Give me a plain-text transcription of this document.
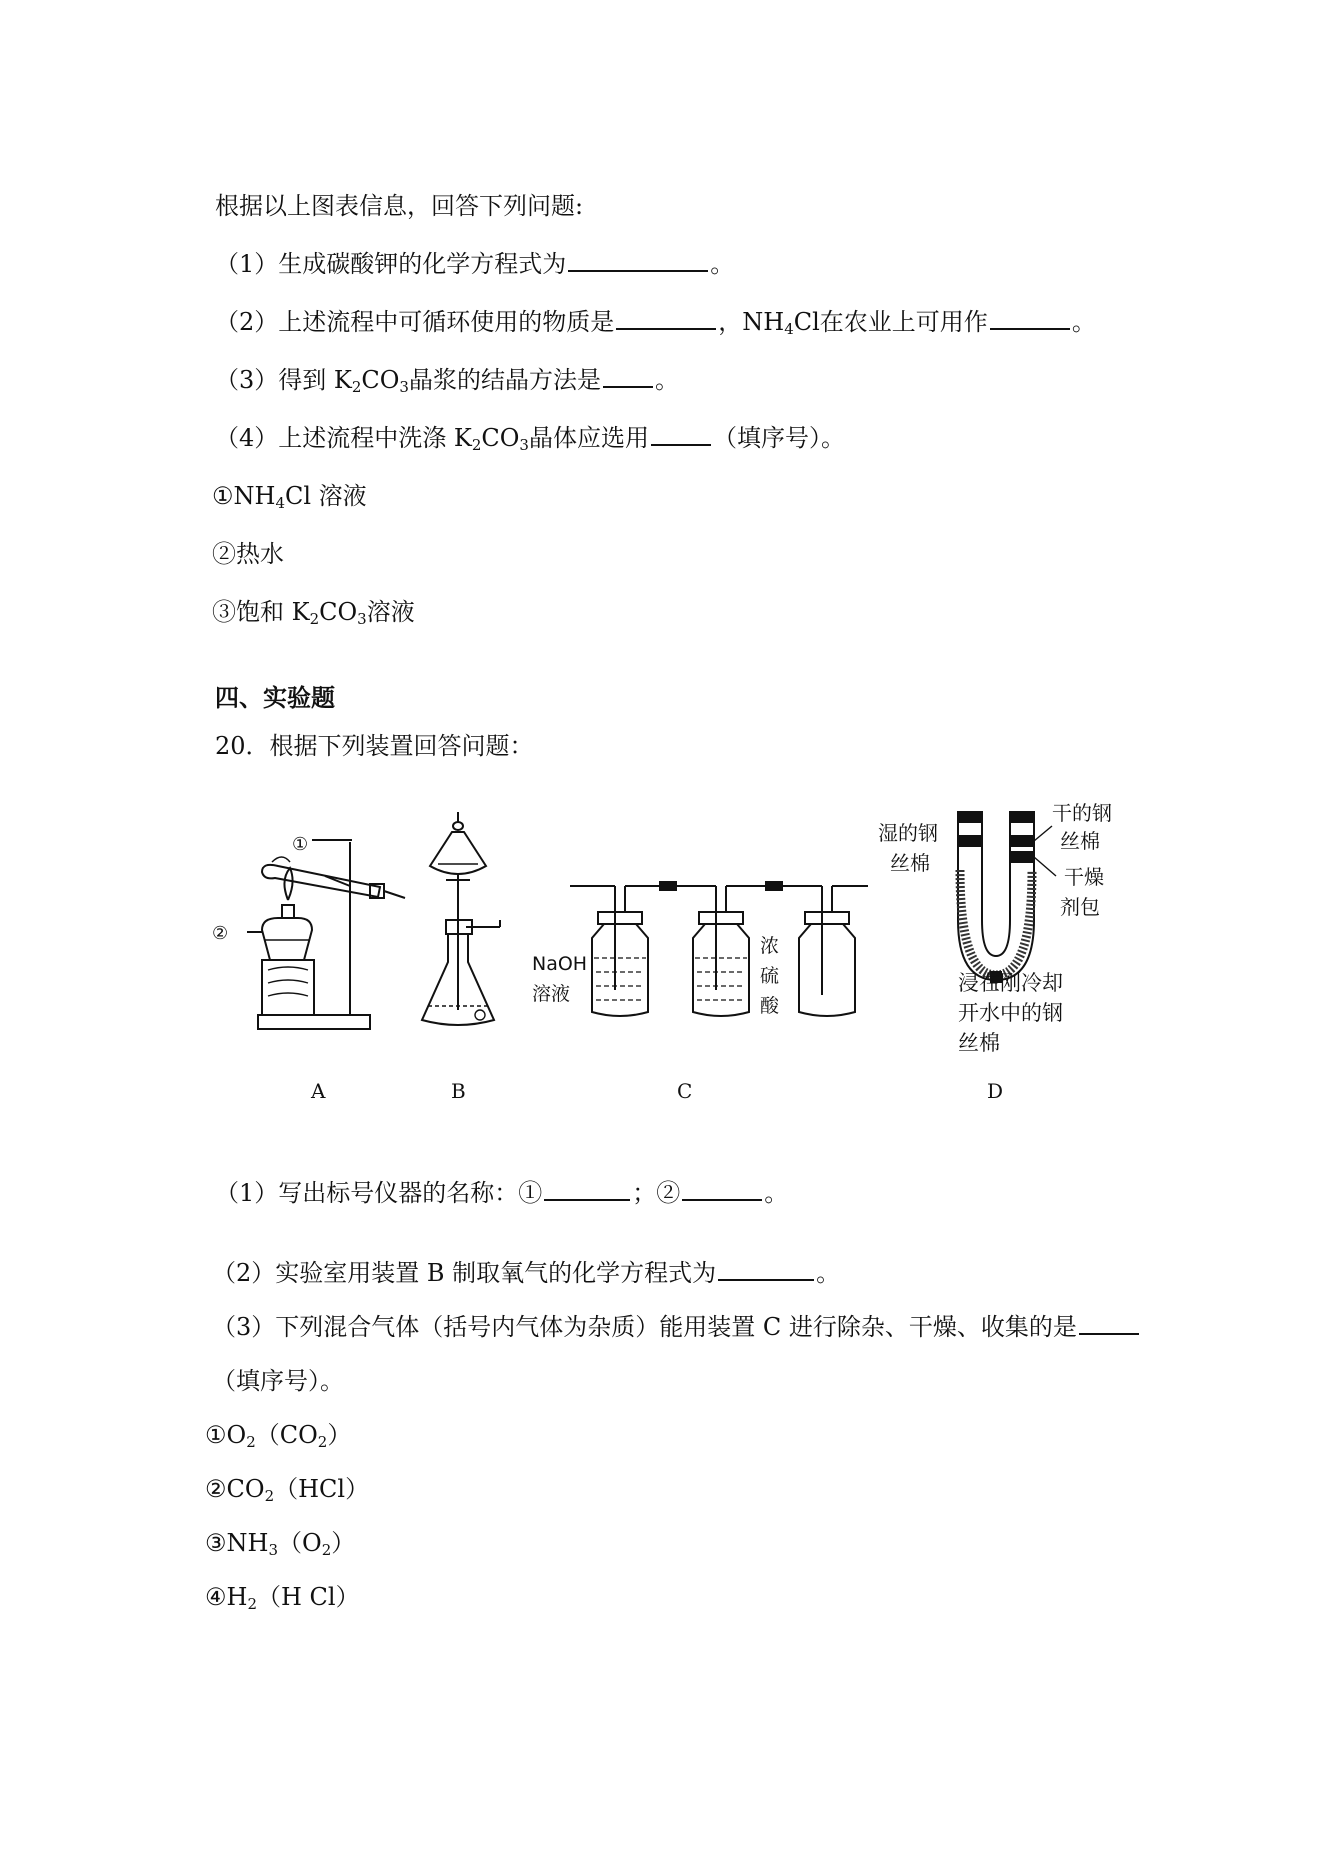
根据以上图表信息，回答下列问题:
（1）生成碳酸钾的化学方程式为	。
（2）上述流程中可循环使用的物质是	，$NH_4Cl$在农业上可用作	。
（3）得到 $K_2CO_3$晶浆的结晶方法是 。
（4）上述流程中洗涤 $K_2CO_3$晶体应选用	（填序号）。
$①NH_4Cl$ 溶液
②热水
③饱和 $K_2CO_3$溶液
四、实验题
20．根据下列装置回答问题：
①
②
NaOH
溶液
浓
硫
酸
湿的钢
丝棉
干的钢
丝棉
干燥
剂包
浸在刚冷却
开水中的钢
丝棉
A	B	C	D
（1）写出标号仪器的名称：①	；②	。
（2）实验室用装置 B 制取氧气的化学方程式为	。
（3）下列混合气体（括号内气体为杂质）能用装置 C 进行除杂、干燥、收集的是
（填序号）。
$①O_2(CO_2)$
$②CO_2(HCl)$
$③NH_3(O_2)$
$④H_2(H$ Cl）
